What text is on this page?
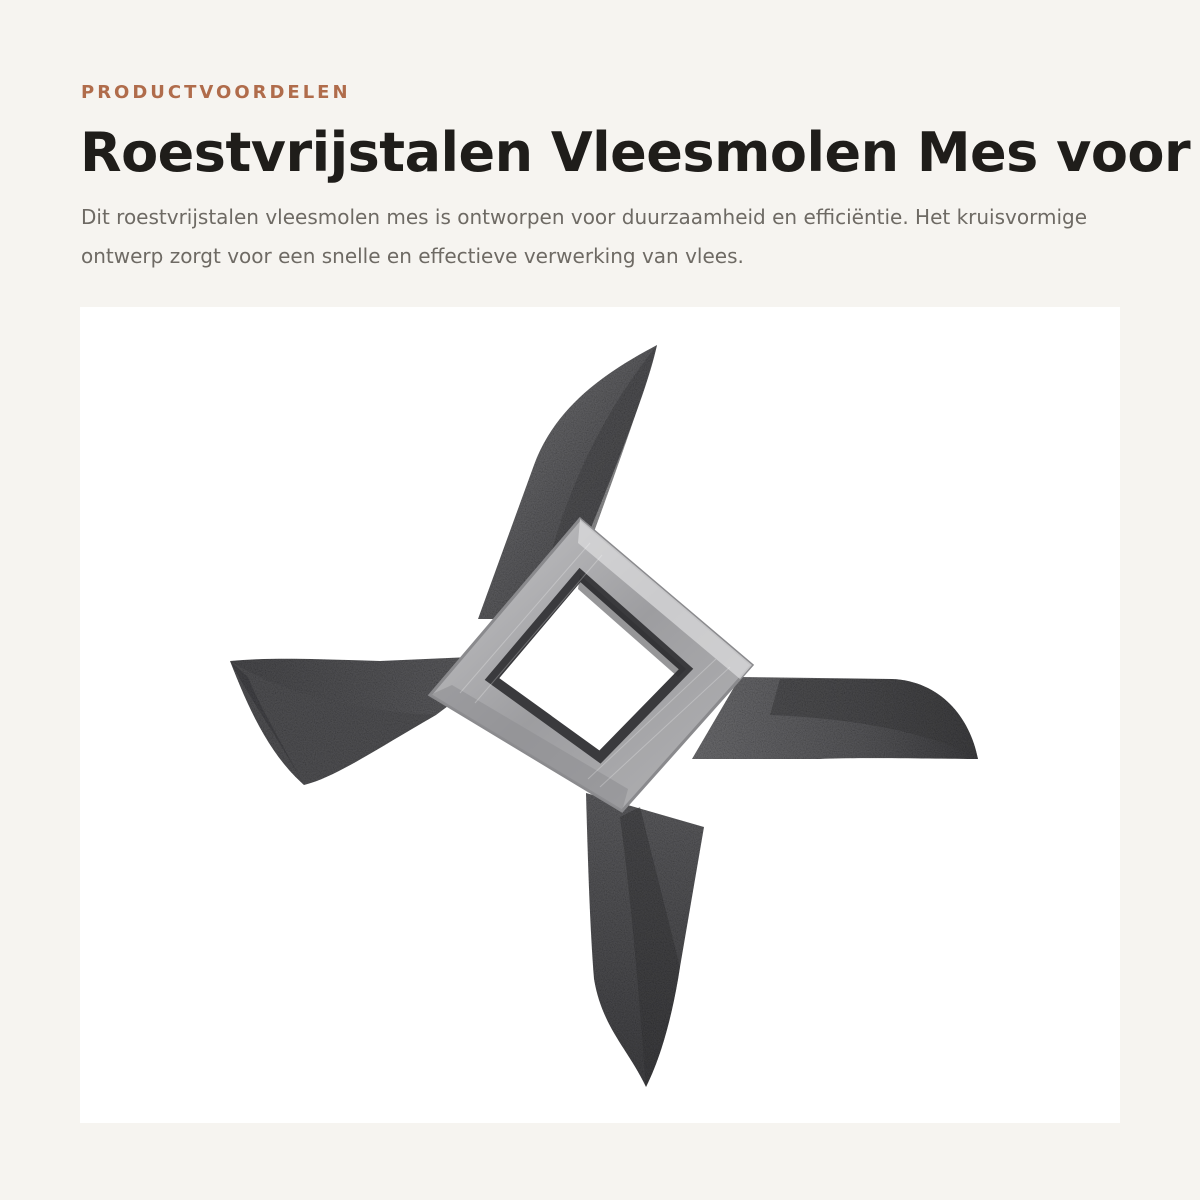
PRODUCTVOORDELEN
Roestvrijstalen Vleesmolen Mes voor

Dit roestvrijstalen vleesmolen mes is ontworpen voor duurzaamheid en efficiëntie. Het kruisvormige ontwerp zorgt voor een snelle en effectieve verwerking van vlees.
